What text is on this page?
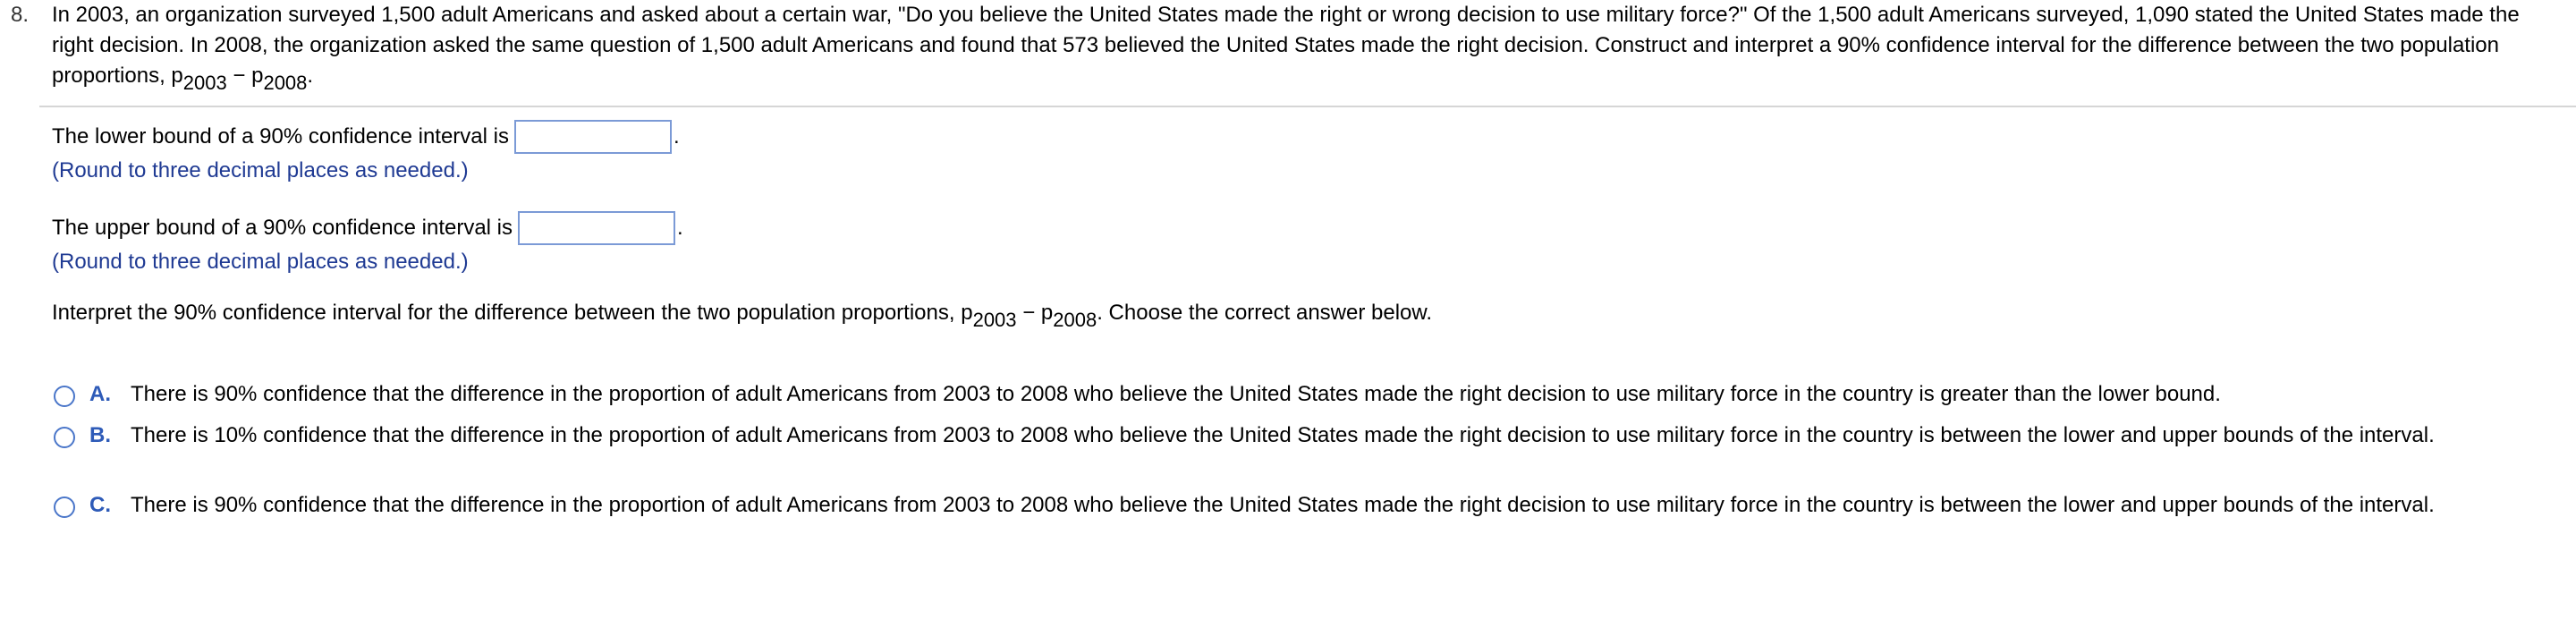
8. In 2003, an organization surveyed 1,500 adult Americans and asked about a certain war, "Do you believe the United States made the right or wrong decision to use military force?" Of the 1,500 adult Americans surveyed, 1,090 stated the United States made the right decision. In 2008, the organization asked the same question of 1,500 adult Americans and found that 573 believed the United States made the right decision. Construct and interpret a 90% confidence interval for the difference between the two population proportions, $p_{2003} - p_{2008}$.
The lower bound of a 90% confidence interval is	.
(Round to three decimal places as needed.)
The upper bound of a 90% confidence interval is	.
(Round to three decimal places as needed.)
Interpret the 90% confidence interval for the difference between the two population proportions, $p_{2003} - p_{2008}$. Choose the correct answer below.
A. There is 90% confidence that the difference in the proportion of adult Americans from 2003 to 2008 who believe the United States made the right decision to use military force in the country is greater than the lower bound.
B. There is 10% confidence that the difference in the proportion of adult Americans from 2003 to 2008 who believe the United States made the right decision to use military force in the country is between the lower and upper bounds of the interval.
C. There is 90% confidence that the difference in the proportion of adult Americans from 2003 to 2008 who believe the United States made the right decision to use military force in the country is between the lower and upper bounds of the interval.
